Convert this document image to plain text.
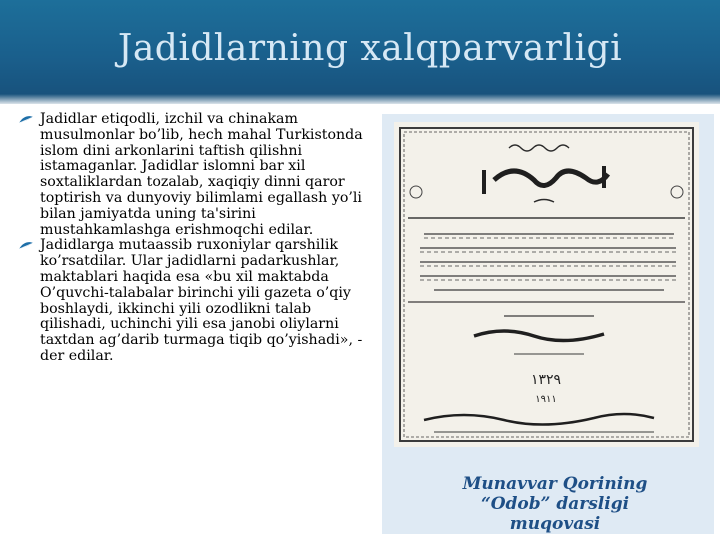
Jadidlarning xalqparvarligi

Jadidlar etiqodli, izchil va chinakam musulmonlar bo’lib, hech mahal Turkistonda islom dini arkonlarini taftish qilishni istamaganlar. Jadidlar islomni bar xil soxtaliklardan tozalab, xaqiqiy dinni qaror toptirish va dunyoviy bilimlami egallash yo’li bilan jamiyatda uning ta'sirini mustahkamlashga erishmoqchi edilar.

Jadidlarga mutaassib ruxoniylar qarshilik ko’rsatdilar. Ular jadidlarni padarkushlar, maktablari haqida esa «bu xil maktabda O’quvchi-talabalar birinchi yili gazeta o’qiy boshlaydi, ikkinchi yili ozodlikni talab qilishadi, uchinchi yili esa janobi oliylarni taxtdan ag’darib turmaga tiqib qo’yishadi», -der edilar.

١٣٢٩
١٩١١
Munavvar Qorining
“Odob” darsligi
muqovasi
